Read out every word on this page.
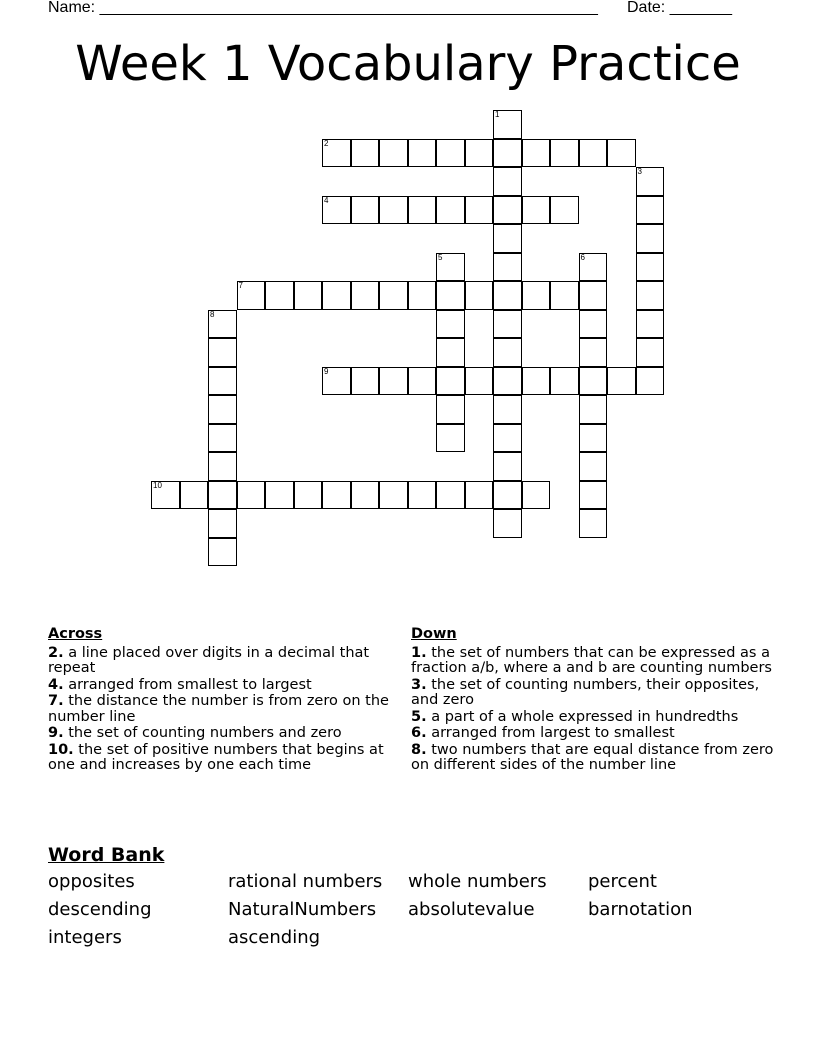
Name: ________________________________________________________ Date: _______
Week 1 Vocabulary Practice
1
2
3
4
5	6
7
8
9
10
Across
2. a line placed over digits in a decimal that repeat
4. arranged from smallest to largest
7. the distance the number is from zero on the number line
9. the set of counting numbers and zero
10. the set of positive numbers that begins at one and increases by one each time
Down
1. the set of numbers that can be expressed as a fraction a/b, where a and b are counting numbers
3. the set of counting numbers, their opposites, and zero
5. a part of a whole expressed in hundredths
6. arranged from largest to smallest
8. two numbers that are equal distance from zero on different sides of the number line
Word Bank
opposites	rational numbers	whole numbers	percent
descending	NaturalNumbers	absolutevalue	barnotation
integers	ascending
